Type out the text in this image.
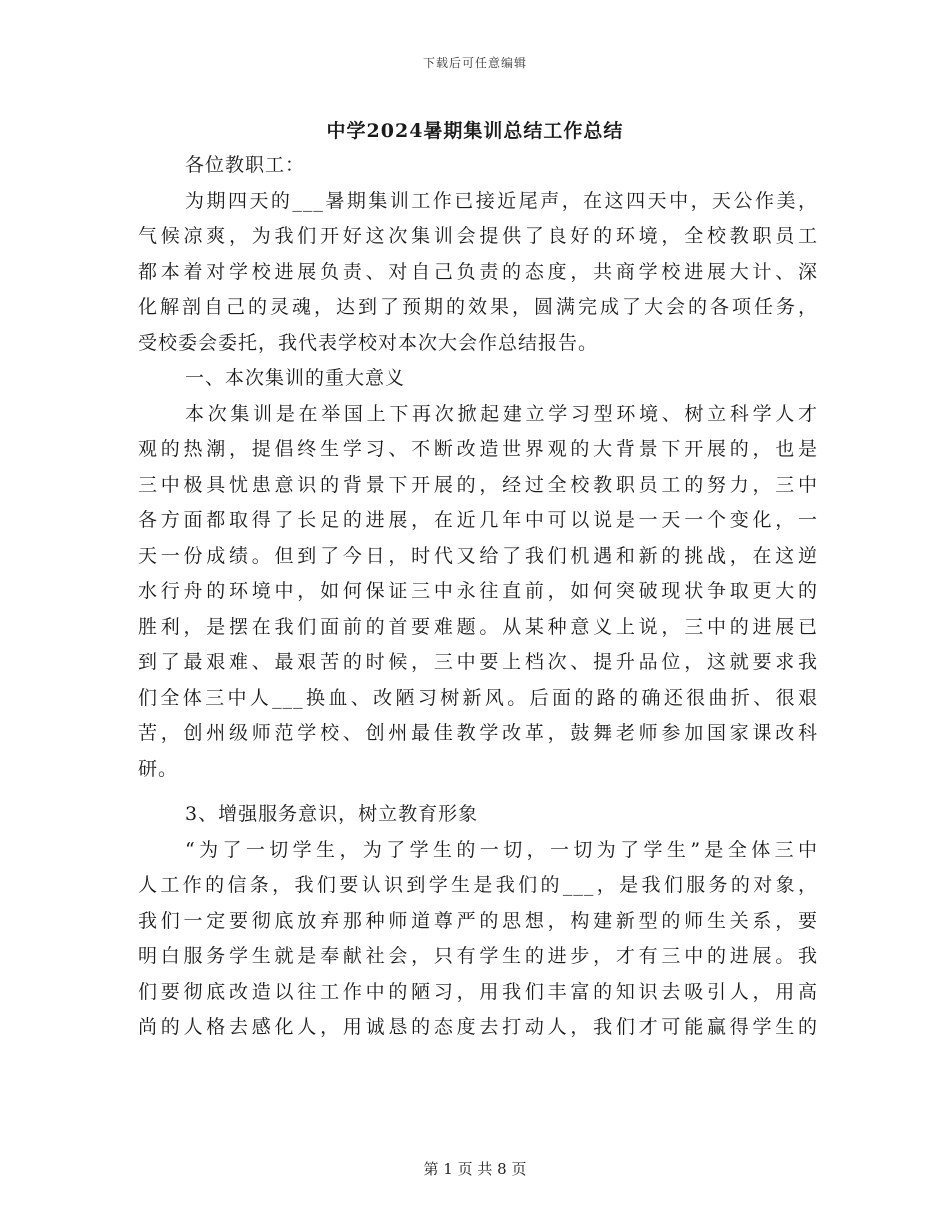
下载后可任意编辑
中学2024暑期集训总结工作总结
各位教职工：
为期四天的___暑期集训工作已接近尾声，在这四天中，天公作美，
气候凉爽，为我们开好这次集训会提供了良好的环境，全校教职员工
都本着对学校进展负责、对自己负责的态度，共商学校进展大计、深
化解剖自己的灵魂，达到了预期的效果，圆满完成了大会的各项任务，
受校委会委托，我代表学校对本次大会作总结报告。
一、本次集训的重大意义
本次集训是在举国上下再次掀起建立学习型环境、树立科学人才
观的热潮，提倡终生学习、不断改造世界观的大背景下开展的，也是
三中极具忧患意识的背景下开展的，经过全校教职员工的努力，三中
各方面都取得了长足的进展，在近几年中可以说是一天一个变化，一
天一份成绩。但到了今日，时代又给了我们机遇和新的挑战，在这逆
水行舟的环境中，如何保证三中永往直前，如何突破现状争取更大的
胜利，是摆在我们面前的首要难题。从某种意义上说，三中的进展已
到了最艰难、最艰苦的时候，三中要上档次、提升品位，这就要求我
们全体三中人___换血、改陋习树新风。后面的路的确还很曲折、很艰
苦，创州级师范学校、创州最佳教学改革，鼓舞老师参加国家课改科
研。
3、增强服务意识，树立教育形象
“为了一切学生，为了学生的一切，一切为了学生”是全体三中
人工作的信条，我们要认识到学生是我们的___，是我们服务的对象，
我们一定要彻底放弃那种师道尊严的思想，构建新型的师生关系，要
明白服务学生就是奉献社会，只有学生的进步，才有三中的进展。我
们要彻底改造以往工作中的陋习，用我们丰富的知识去吸引人，用高
尚的人格去感化人，用诚恳的态度去打动人，我们才可能赢得学生的
第 1 页 共 8 页
